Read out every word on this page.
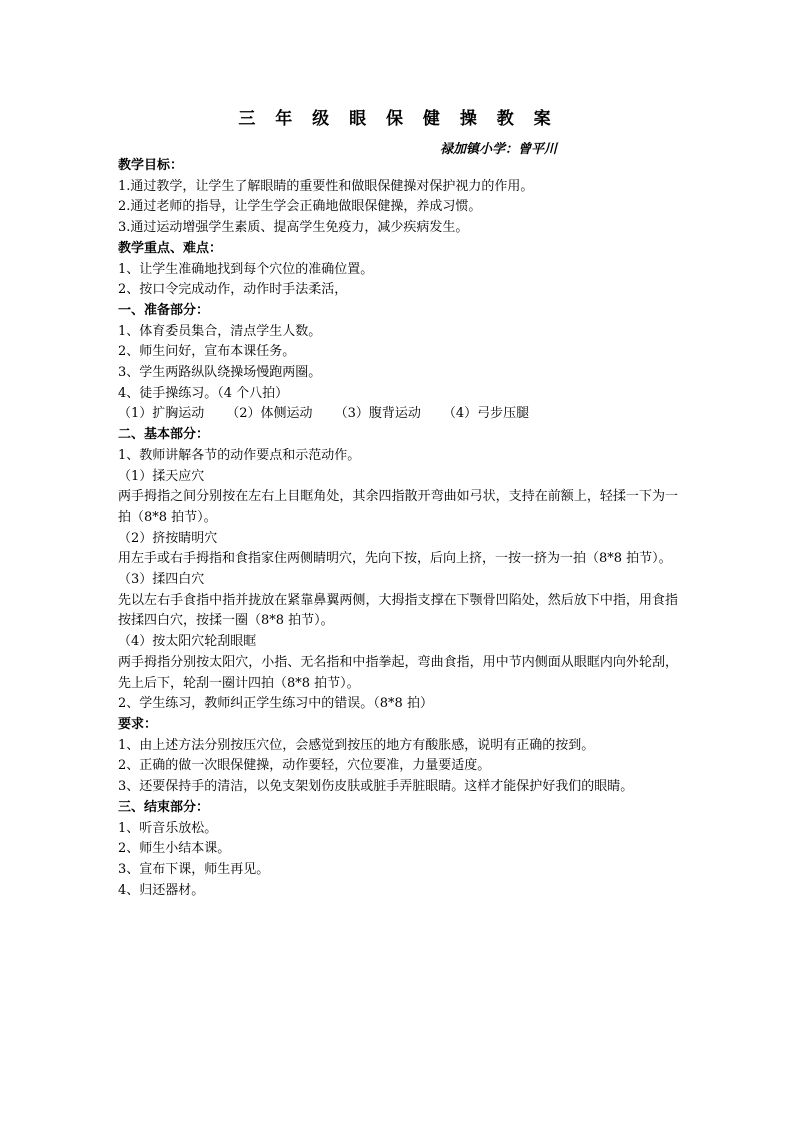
三 年 级 眼 保 健 操 教 案
禄加镇小学：曾平川
教学目标：
1.通过教学，让学生了解眼睛的重要性和做眼保健操对保护视力的作用。
2.通过老师的指导，让学生学会正确地做眼保健操，养成习惯。
3.通过运动增强学生素质、提高学生免疫力，减少疾病发生。
教学重点、难点：
1、让学生准确地找到每个穴位的准确位置。
2、按口令完成动作，动作时手法柔活，
一、准备部分：
1、体育委员集合，清点学生人数。
2、师生问好，宣布本课任务。
3、学生两路纵队绕操场慢跑两圈。
4、徒手操练习。（4 个八拍）
（1）扩胸运动 （2）体侧运动 （3）腹背运动 （4）弓步压腿
二、基本部分：
1、教师讲解各节的动作要点和示范动作。
（1）揉天应穴
两手拇指之间分别按在左右上目眶角处，其余四指散开弯曲如弓状，支持在前额上，轻揉一下为一拍（8*8 拍节）。
（2）挤按睛明穴
用左手或右手拇指和食指家住两侧睛明穴，先向下按，后向上挤，一按一挤为一拍（8*8 拍节）。
（3）揉四白穴
先以左右手食指中指并拢放在紧靠鼻翼两侧，大拇指支撑在下颚骨凹陷处，然后放下中指，用食指按揉四白穴，按揉一圈（8*8 拍节）。
（4）按太阳穴轮刮眼眶
两手拇指分别按太阳穴，小指、无名指和中指拳起，弯曲食指，用中节内侧面从眼眶内向外轮刮，先上后下，轮刮一圈计四拍（8*8 拍节）。
2、学生练习，教师纠正学生练习中的错误。（8*8 拍）
要求：
1、由上述方法分别按压穴位，会感觉到按压的地方有酸胀感，说明有正确的按到。
2、正确的做一次眼保健操，动作要轻，穴位要准，力量要适度。
3、还要保持手的清洁，以免支架划伤皮肤或脏手弄脏眼睛。这样才能保护好我们的眼睛。
三、结束部分：
1、听音乐放松。
2、师生小结本课。
3、宣布下课，师生再见。
4、归还器材。
